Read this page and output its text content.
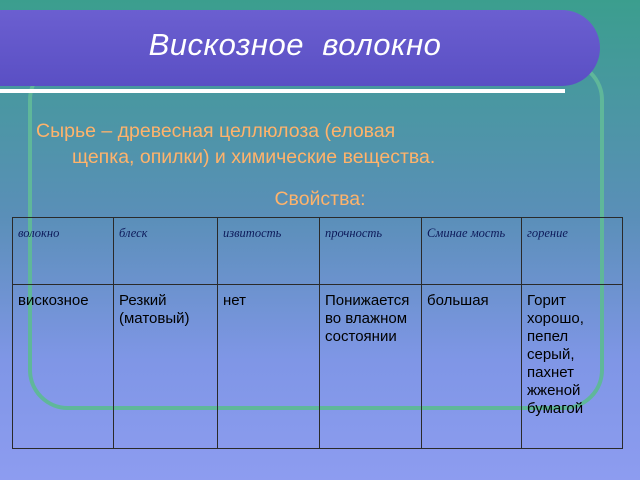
Вискозное  волокно
Сырье – древесная целлюлоза (еловая
щепка, опилки) и химические вещества.
Свойства:
волокно	блеск	извитость	прочность	Сминае мость	горение
вискозное	Резкий (матовый)	нет	Понижается во влажном состоянии	большая	Горит хорошо, пепел серый, пахнет жженой бумагой
